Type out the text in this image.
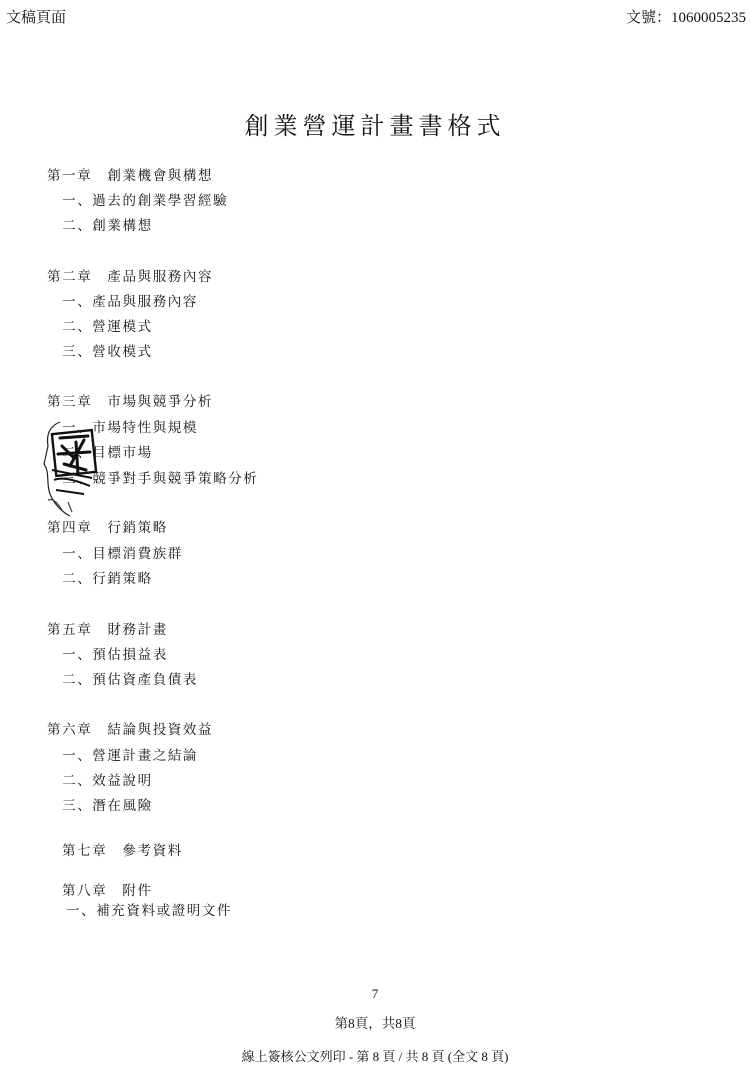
文稿頁面	文號：1060005235
創業營運計畫書格式
第一章　創業機會與構想
　一、過去的創業學習經驗
　二、創業構想
第二章　產品與服務內容
　一、產品與服務內容
　二、營運模式
　三、營收模式
第三章　市場與競爭分析
　一、市場特性與規模
　二、目標市場
　三、競爭對手與競爭策略分析
第四章　行銷策略
　一、目標消費族群
　二、行銷策略
第五章　財務計畫
　一、預估損益表
　二、預估資產負債表
第六章　結論與投資效益
　一、營運計畫之結論
　二、效益說明
　三、潛在風險
第七章　參考資料
第八章　附件
一、補充資料或證明文件
7
第8頁，共8頁
線上簽核公文列印 - 第 8 頁 / 共 8 頁 (全文 8 頁)
